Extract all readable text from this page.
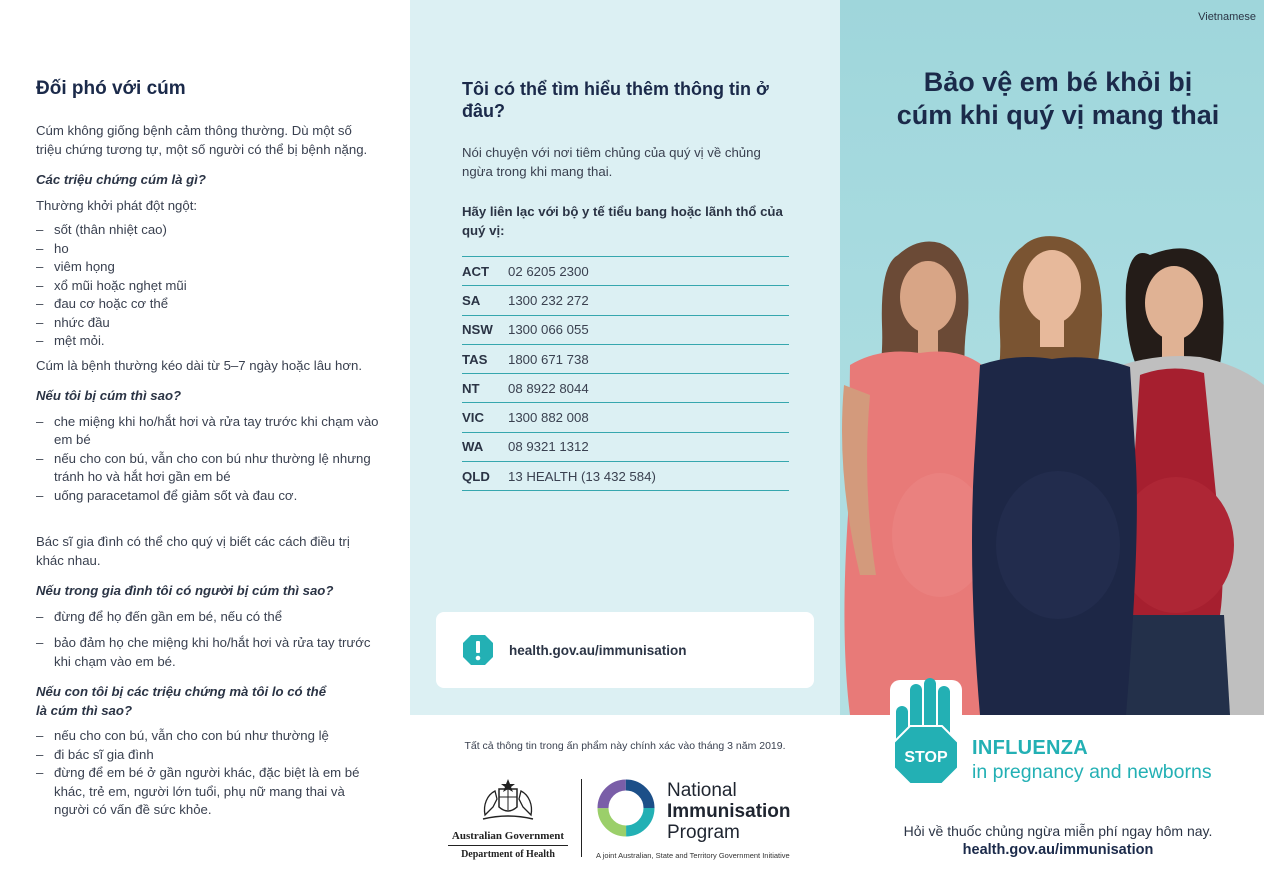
Đối phó với cúm

Cúm không giống bệnh cảm thông thường. Dù một số triệu chứng tương tự, một số người có thể bị bệnh nặng.

Các triệu chứng cúm là gì?

Thường khởi phát đột ngột:

– sốt (thân nhiệt cao)
– ho
– viêm họng
– xổ mũi hoặc nghẹt mũi
– đau cơ hoặc cơ thể
– nhức đầu
– mệt mỏi.

Cúm là bệnh thường kéo dài từ 5–7 ngày hoặc lâu hơn.

Nếu tôi bị cúm thì sao?
– che miệng khi ho/hắt hơi và rửa tay trước khi chạm vào em bé
– nếu cho con bú, vẫn cho con bú như thường lệ nhưng tránh ho và hắt hơi gần em bé
– uống paracetamol để giảm sốt và đau cơ.

Bác sĩ gia đình có thể cho quý vị biết các cách điều trị khác nhau.

Nếu trong gia đình tôi có người bị cúm thì sao?
– đừng để họ đến gần em bé, nếu có thể
– bảo đảm họ che miệng khi ho/hắt hơi và rửa tay trước khi chạm vào em bé.
Nếu con tôi bị các triệu chứng mà tôi lo có thể là cúm thì sao?
– nếu cho con bú, vẫn cho con bú như thường lệ
– đi bác sĩ gia đình
– đừng để em bé ở gần người khác, đặc biệt là em bé khác, trẻ em, người lớn tuổi, phụ nữ mang thai và người có vấn đề sức khỏe.
Tôi có thể tìm hiểu thêm thông tin ở đâu?

Nói chuyện với nơi tiêm chủng của quý vị về chủng ngừa trong khi mang thai.

Hãy liên lạc với bộ y tế tiểu bang hoặc lãnh thổ của quý vị:

ACT	02 6205 2300
SA	1300 232 272
NSW	1300 066 055
TAS	1800 671 738
NT	08 8922 8044
VIC	1300 882 008
WA	08 9321 1312
QLD	13 HEALTH (13 432 584)
health.gov.au/immunisation
Tất cả thông tin trong ấn phẩm này chính xác vào tháng 3 năm 2019.
Australian Government
Department of Health
National
Immunisation
Program
A joint Australian, State and Territory Government Initiative
Vietnamese
Bảo vệ em bé khỏi bị
cúm khi quý vị mang thai
STOP INFLUENZA
in pregnancy and newborns
Hỏi về thuốc chủng ngừa miễn phí ngay hôm nay.
health.gov.au/immunisation
